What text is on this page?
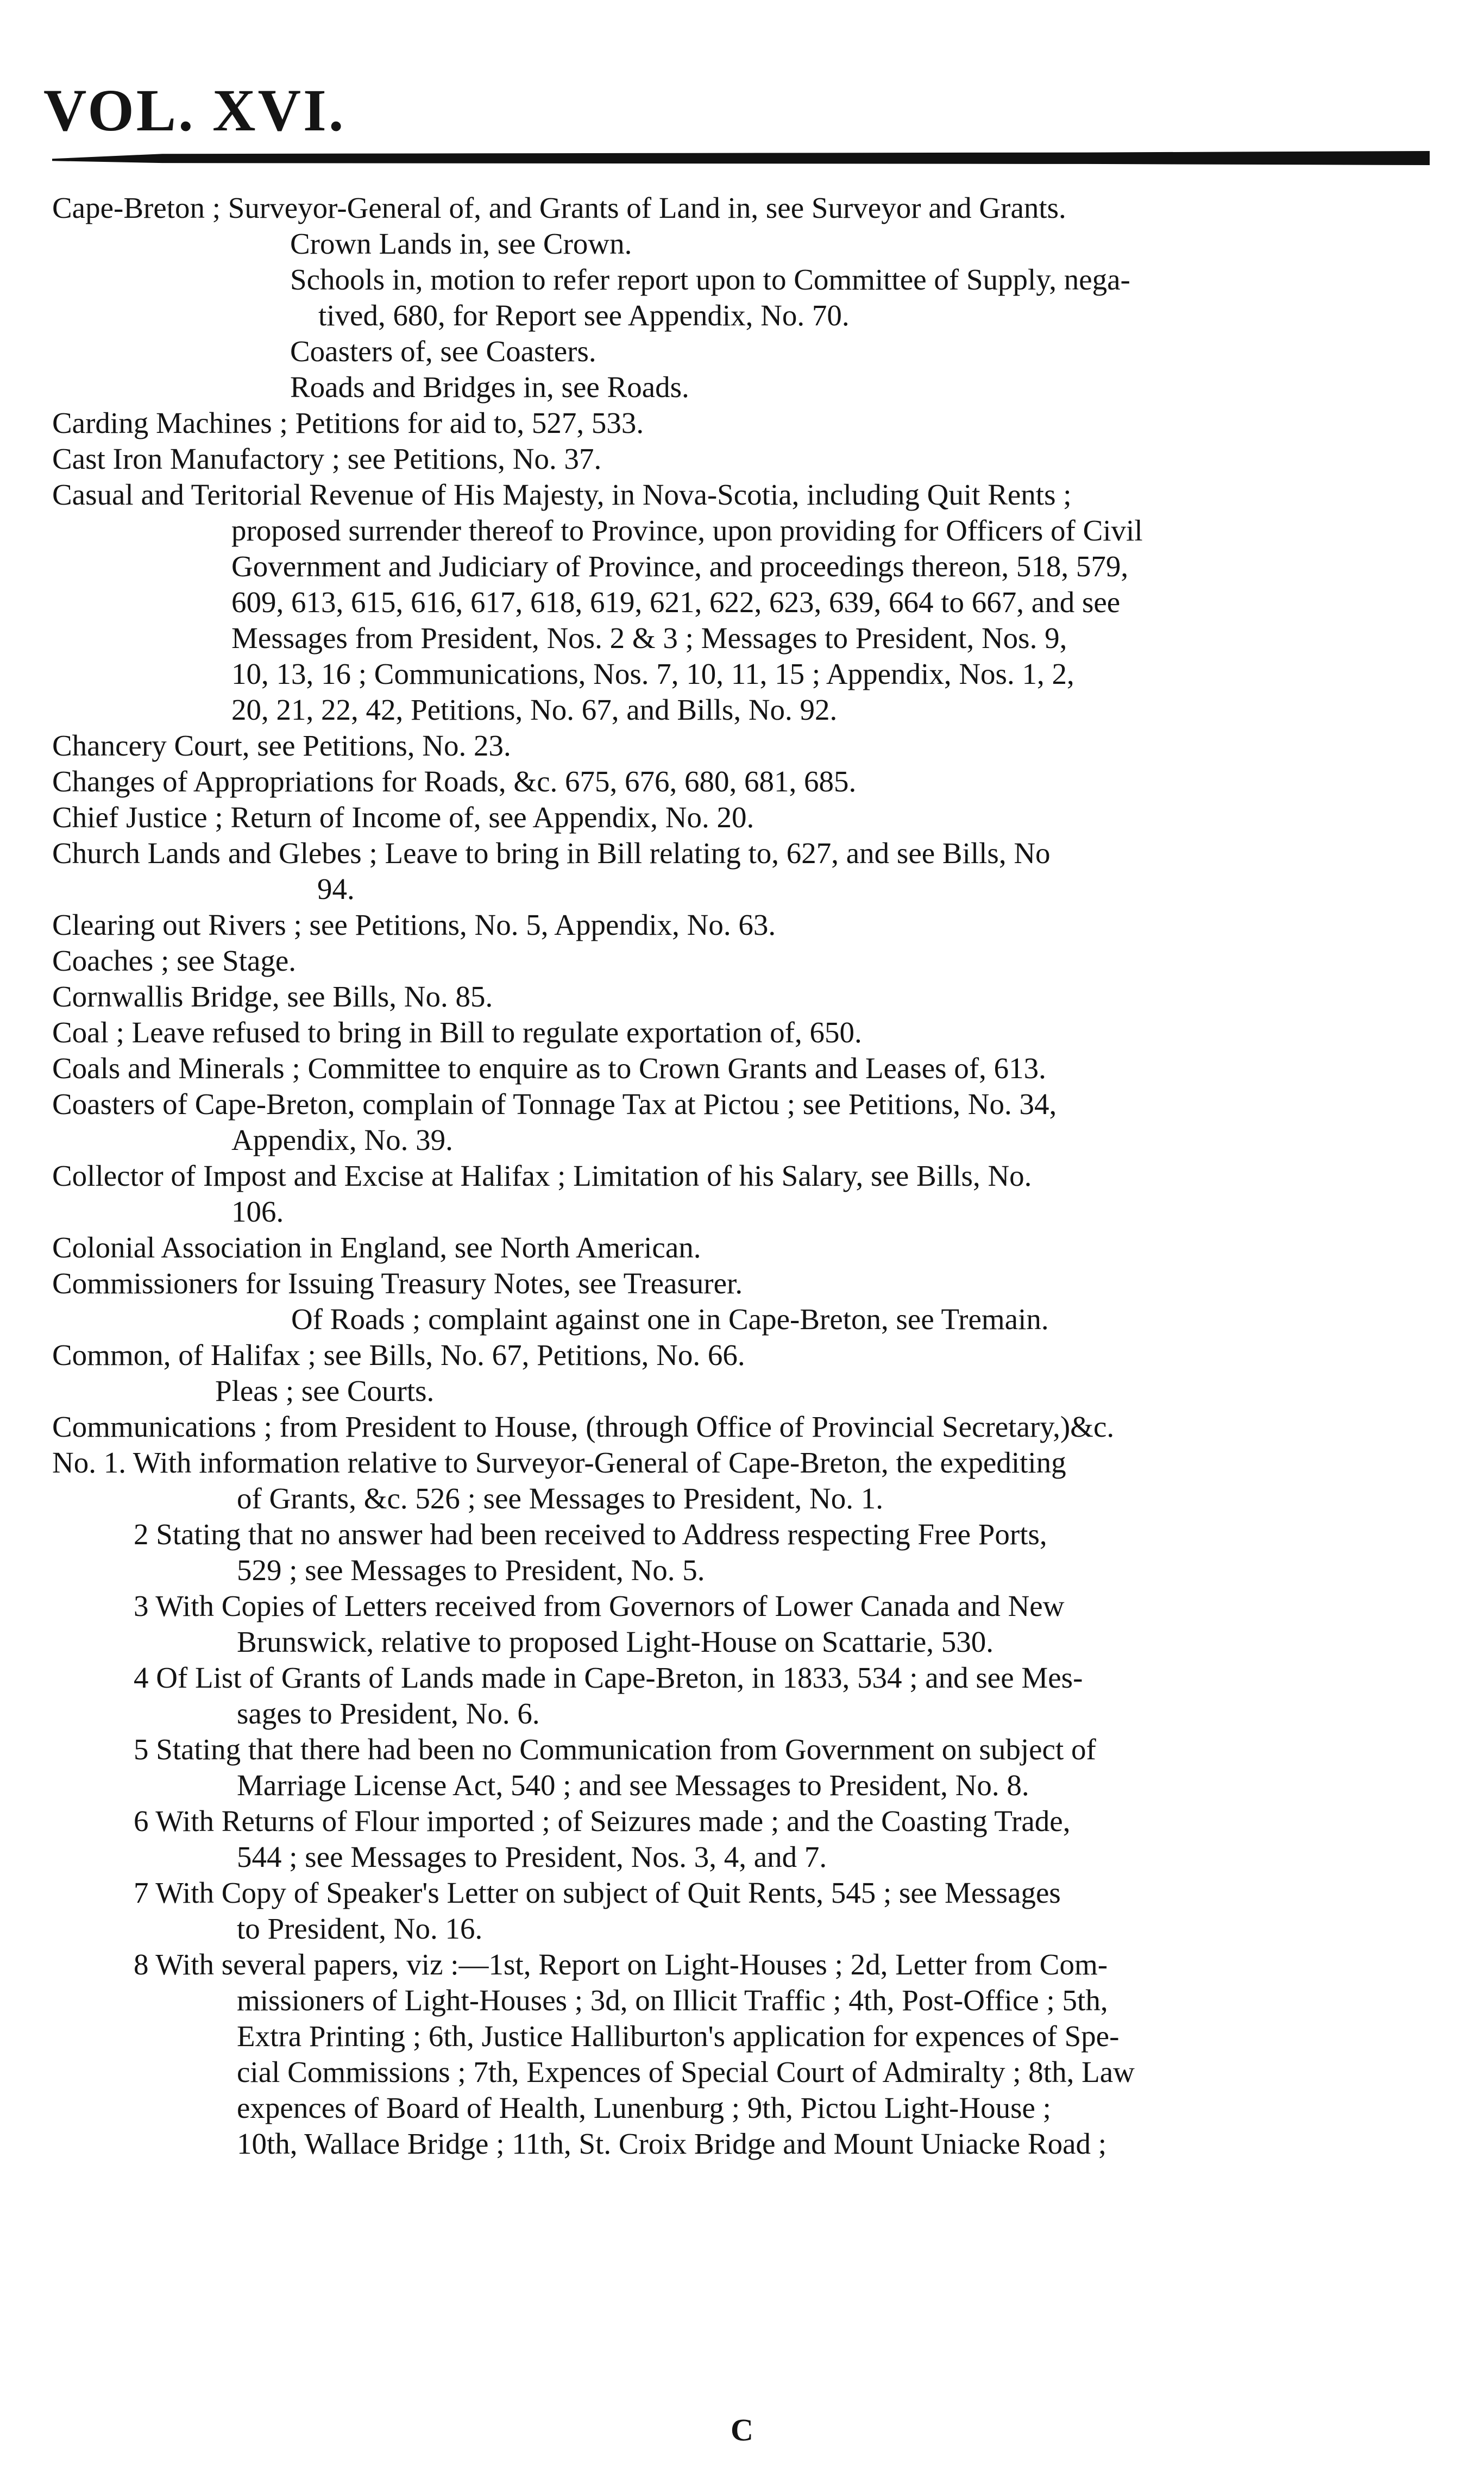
VOL. XVI.
Cape-Breton ; Surveyor-General of, and Grants of Land in, see Surveyor and Grants.
Crown Lands in, see Crown.
Schools in, motion to refer report upon to Committee of Supply, nega-
tived, 680, for Report see Appendix, No. 70.
Coasters of, see Coasters.
Roads and Bridges in, see Roads.
Carding Machines ; Petitions for aid to, 527, 533.
Cast Iron Manufactory ; see Petitions, No. 37.
Casual and Teritorial Revenue of His Majesty, in Nova-Scotia, including Quit Rents ;
proposed surrender thereof to Province, upon providing for Officers of Civil
Government and Judiciary of Province, and proceedings thereon, 518, 579,
609, 613, 615, 616, 617, 618, 619, 621, 622, 623, 639, 664 to 667, and see
Messages from President, Nos. 2 & 3 ; Messages to President, Nos. 9,
10, 13, 16 ; Communications, Nos. 7, 10, 11, 15 ; Appendix, Nos. 1, 2,
20, 21, 22, 42, Petitions, No. 67, and Bills, No. 92.
Chancery Court, see Petitions, No. 23.
Changes of Appropriations for Roads, &c. 675, 676, 680, 681, 685.
Chief Justice ; Return of Income of, see Appendix, No. 20.
Church Lands and Glebes ; Leave to bring in Bill relating to, 627, and see Bills, No
94.
Clearing out Rivers ; see Petitions, No. 5, Appendix, No. 63.
Coaches ; see Stage.
Cornwallis Bridge, see Bills, No. 85.
Coal ; Leave refused to bring in Bill to regulate exportation of, 650.
Coals and Minerals ; Committee to enquire as to Crown Grants and Leases of, 613.
Coasters of Cape-Breton, complain of Tonnage Tax at Pictou ; see Petitions, No. 34,
Appendix, No. 39.
Collector of Impost and Excise at Halifax ; Limitation of his Salary, see Bills, No.
106.
Colonial Association in England, see North American.
Commissioners for Issuing Treasury Notes, see Treasurer.
Of Roads ; complaint against one in Cape-Breton, see Tremain.
Common, of Halifax ; see Bills, No. 67, Petitions, No. 66.
Pleas ; see Courts.
Communications ; from President to House, (through Office of Provincial Secretary,)&c.
No. 1. With information relative to Surveyor-General of Cape-Breton, the expediting
of Grants, &c. 526 ; see Messages to President, No. 1.
2 Stating that no answer had been received to Address respecting Free Ports,
529 ; see Messages to President, No. 5.
3 With Copies of Letters received from Governors of Lower Canada and New
Brunswick, relative to proposed Light-House on Scattarie, 530.
4 Of List of Grants of Lands made in Cape-Breton, in 1833, 534 ; and see Mes-
sages to President, No. 6.
5 Stating that there had been no Communication from Government on subject of
Marriage License Act, 540 ; and see Messages to President, No. 8.
6 With Returns of Flour imported ; of Seizures made ; and the Coasting Trade,
544 ; see Messages to President, Nos. 3, 4, and 7.
7 With Copy of Speaker's Letter on subject of Quit Rents, 545 ; see Messages
to President, No. 16.
8 With several papers, viz :—1st, Report on Light-Houses ; 2d, Letter from Com-
missioners of Light-Houses ; 3d, on Illicit Traffic ; 4th, Post-Office ; 5th,
Extra Printing ; 6th, Justice Halliburton's application for expences of Spe-
cial Commissions ; 7th, Expences of Special Court of Admiralty ; 8th, Law
expences of Board of Health, Lunenburg ; 9th, Pictou Light-House ;
10th, Wallace Bridge ; 11th, St. Croix Bridge and Mount Uniacke Road ;
C
